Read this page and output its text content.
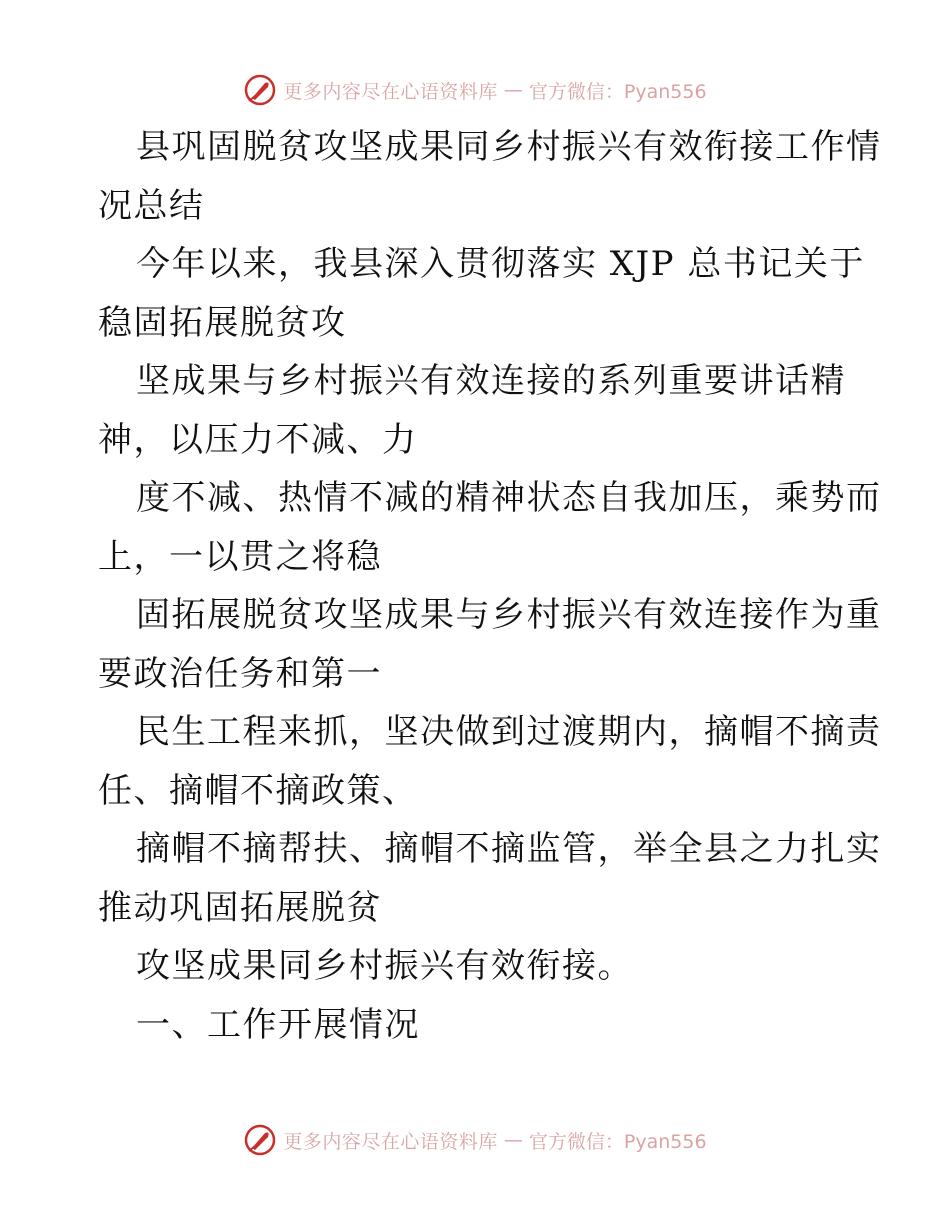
更多内容尽在心语资料库 — 官方微信：Pyan556
县巩固脱贫攻坚成果同乡村振兴有效衔接工作情
况总结
今年以来，我县深入贯彻落实 XJP 总书记关于
稳固拓展脱贫攻
坚成果与乡村振兴有效连接的系列重要讲话精
神，以压力不减、力
度不减、热情不减的精神状态自我加压，乘势而
上，一以贯之将稳
固拓展脱贫攻坚成果与乡村振兴有效连接作为重
要政治任务和第一
民生工程来抓，坚决做到过渡期内，摘帽不摘责
任、摘帽不摘政策、
摘帽不摘帮扶、摘帽不摘监管，举全县之力扎实
推动巩固拓展脱贫
攻坚成果同乡村振兴有效衔接。
一、工作开展情况
更多内容尽在心语资料库 — 官方微信：Pyan556
